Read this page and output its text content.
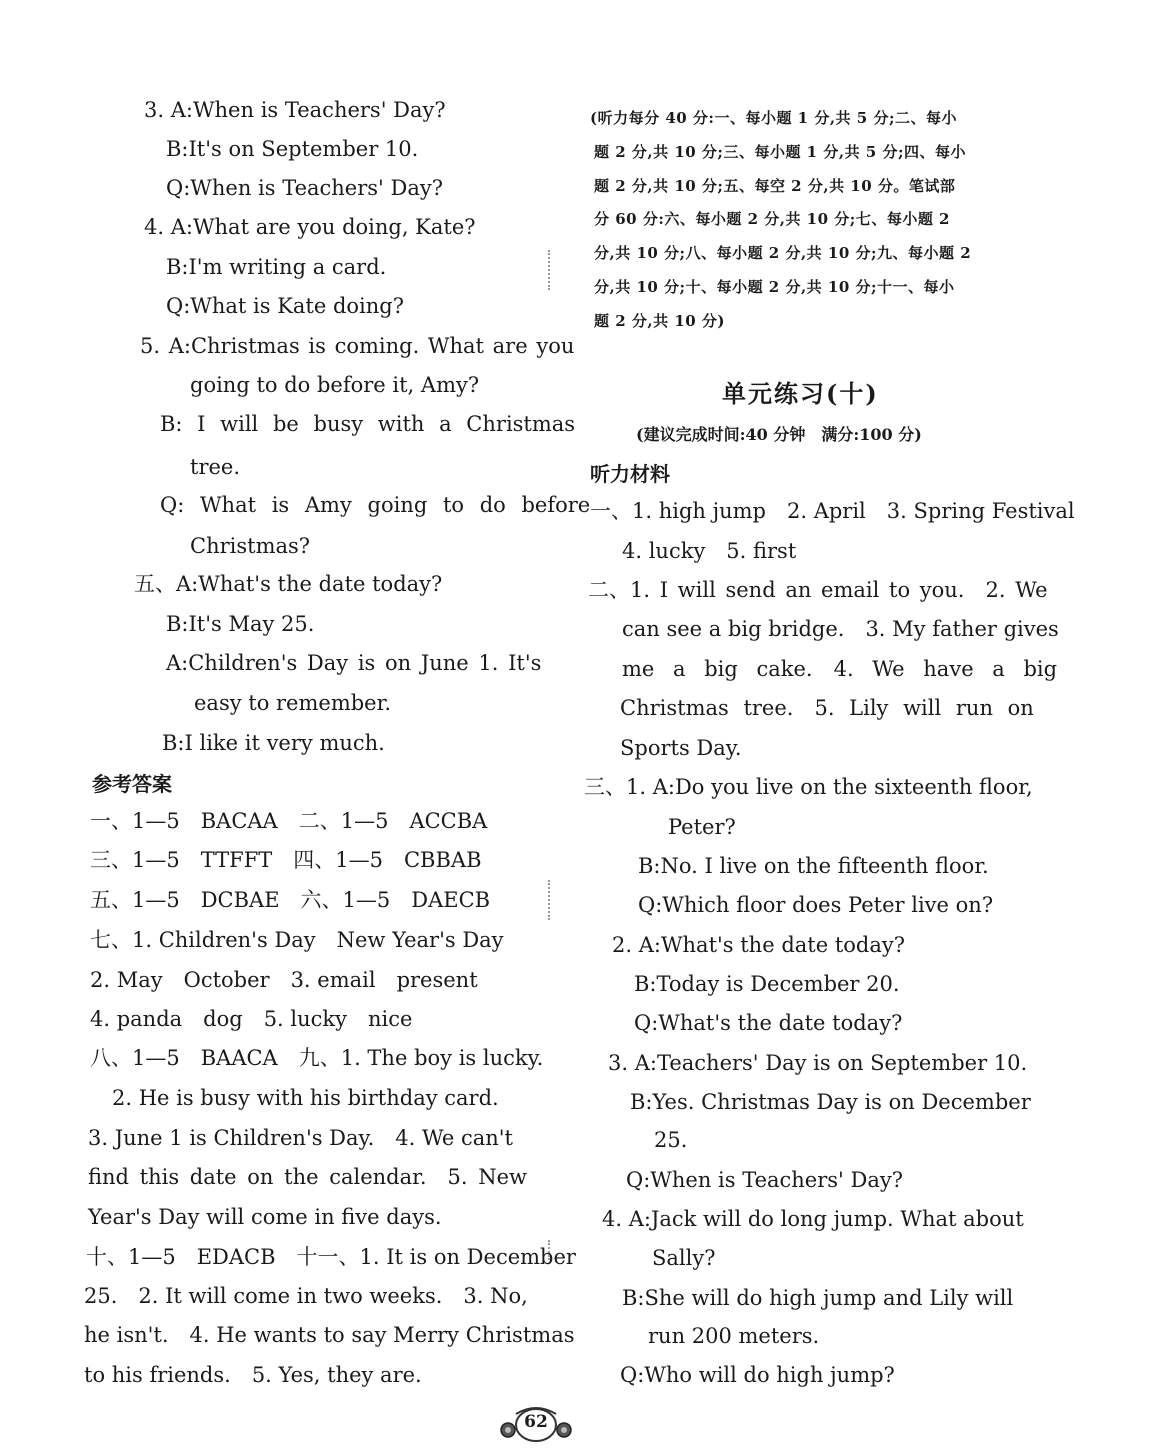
3. A:When is Teachers' Day?
B:It's on September 10.
Q:When is Teachers' Day?
4. A:What are you doing, Kate?
B:I'm writing a card.
Q:What is Kate doing?
5. A:Christmas is coming. What are you
going to do before it, Amy?
B: I will be busy with a Christmas
tree.
Q: What is Amy going to do before
Christmas?
五、A:What's the date today?
B:It's May 25.
A:Children's Day is on June 1. It's
easy to remember.
B:I like it very much.
参考答案
一、1—5　BACAA　二、1—5　ACCBA
三、1—5　TTFFT　四、1—5　CBBAB
五、1—5　DCBAE　六、1—5　DAECB
七、1. Children's Day　New Year's Day
2. May　October　3. email　present
4. panda　dog　5. lucky　nice
八、1—5　BAACA　九、1. The boy is lucky.
2. He is busy with his birthday card.
3. June 1 is Children's Day.　4. We can't
find this date on the calendar.　5. New
Year's Day will come in five days.
十、1—5　EDACB　十一、1. It is on December
25.　2. It will come in two weeks.　3. No,
he isn't.　4. He wants to say Merry Christmas
to his friends.　5. Yes, they are.
(听力每分 40 分:一、每小题 1 分,共 5 分;二、每小
题 2 分,共 10 分;三、每小题 1 分,共 5 分;四、每小
题 2 分,共 10 分;五、每空 2 分,共 10 分。笔试部
分 60 分:六、每小题 2 分,共 10 分;七、每小题 2
分,共 10 分;八、每小题 2 分,共 10 分;九、每小题 2
分,共 10 分;十、每小题 2 分,共 10 分;十一、每小
题 2 分,共 10 分)
单元练习(十)
(建议完成时间:40 分钟　满分:100 分)
听力材料
一、1. high jump　2. April　3. Spring Festival
4. lucky　5. first
二、1. I will send an email to you.　2. We
can see a big bridge.　3. My father gives
me a big cake.　4. We have a big
Christmas tree.　5. Lily will run on
Sports Day.
三、1. A:Do you live on the sixteenth floor,
Peter?
B:No. I live on the fifteenth floor.
Q:Which floor does Peter live on?
2. A:What's the date today?
B:Today is December 20.
Q:What's the date today?
3. A:Teachers' Day is on September 10.
B:Yes. Christmas Day is on December
25.
Q:When is Teachers' Day?
4. A:Jack will do long jump. What about
Sally?
B:She will do high jump and Lily will
run 200 meters.
Q:Who will do high jump?
62
